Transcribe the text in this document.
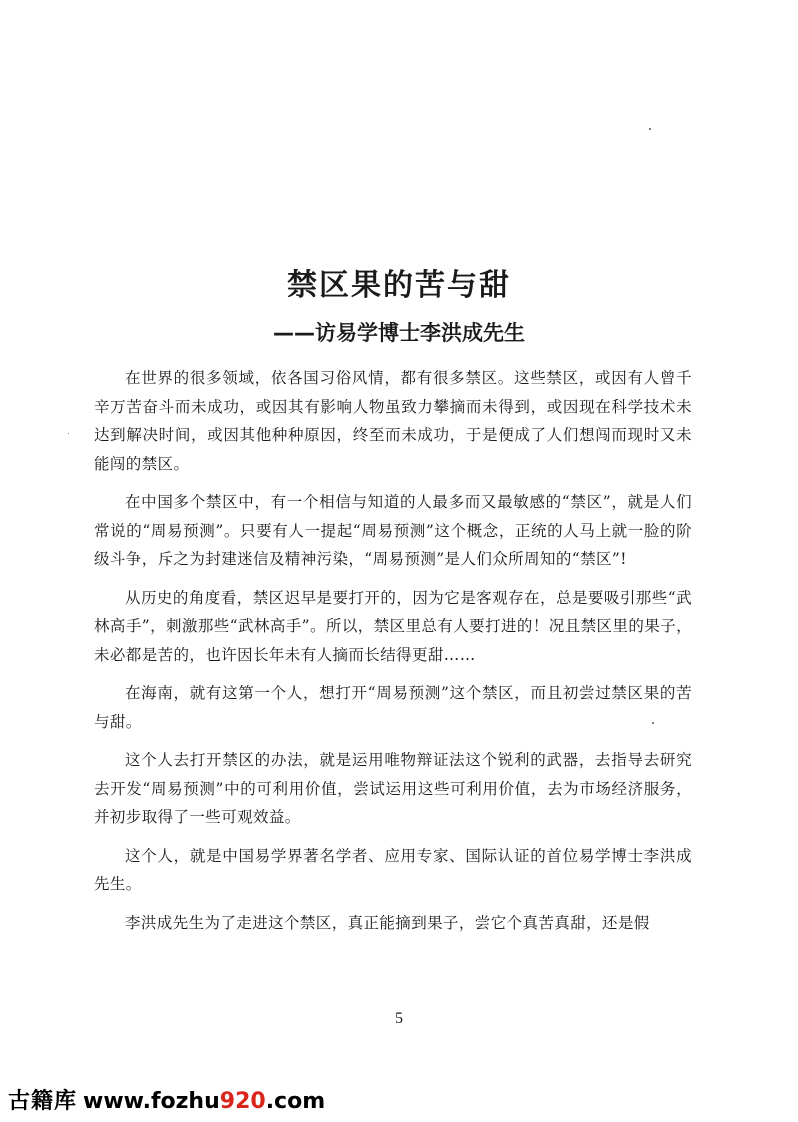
禁区果的苦与甜
——访易学博士李洪成先生

在世界的很多领域，依各国习俗风情，都有很多禁区。这些禁区，或因有人曾千辛万苦奋斗而未成功，或因其有影响人物虽致力攀摘而未得到，或因现在科学技术未达到解决时间，或因其他种种原因，终至而未成功，于是便成了人们想闯而现时又未能闯的禁区。

在中国多个禁区中，有一个相信与知道的人最多而又最敏感的“禁区”，就是人们常说的“周易预测”。只要有人一提起“周易预测”这个概念，正统的人马上就一脸的阶级斗争，斥之为封建迷信及精神污染，“周易预测”是人们众所周知的“禁区”!

从历史的角度看，禁区迟早是要打开的，因为它是客观存在，总是要吸引那些“武林高手”，刺激那些“武林高手”。所以，禁区里总有人要打进的！况且禁区里的果子，未必都是苦的，也许因长年未有人摘而长结得更甜……

在海南，就有这第一个人，想打开“周易预测”这个禁区，而且初尝过禁区果的苦与甜。

这个人去打开禁区的办法，就是运用唯物辩证法这个锐利的武器，去指导去研究去开发“周易预测”中的可利用价值，尝试运用这些可利用价值，去为市场经济服务，并初步取得了一些可观效益。

这个人，就是中国易学界著名学者、应用专家、国际认证的首位易学博士李洪成先生。

李洪成先生为了走进这个禁区，真正能摘到果子，尝它个真苦真甜，还是假

5
古籍库 www.fozhu920.com
